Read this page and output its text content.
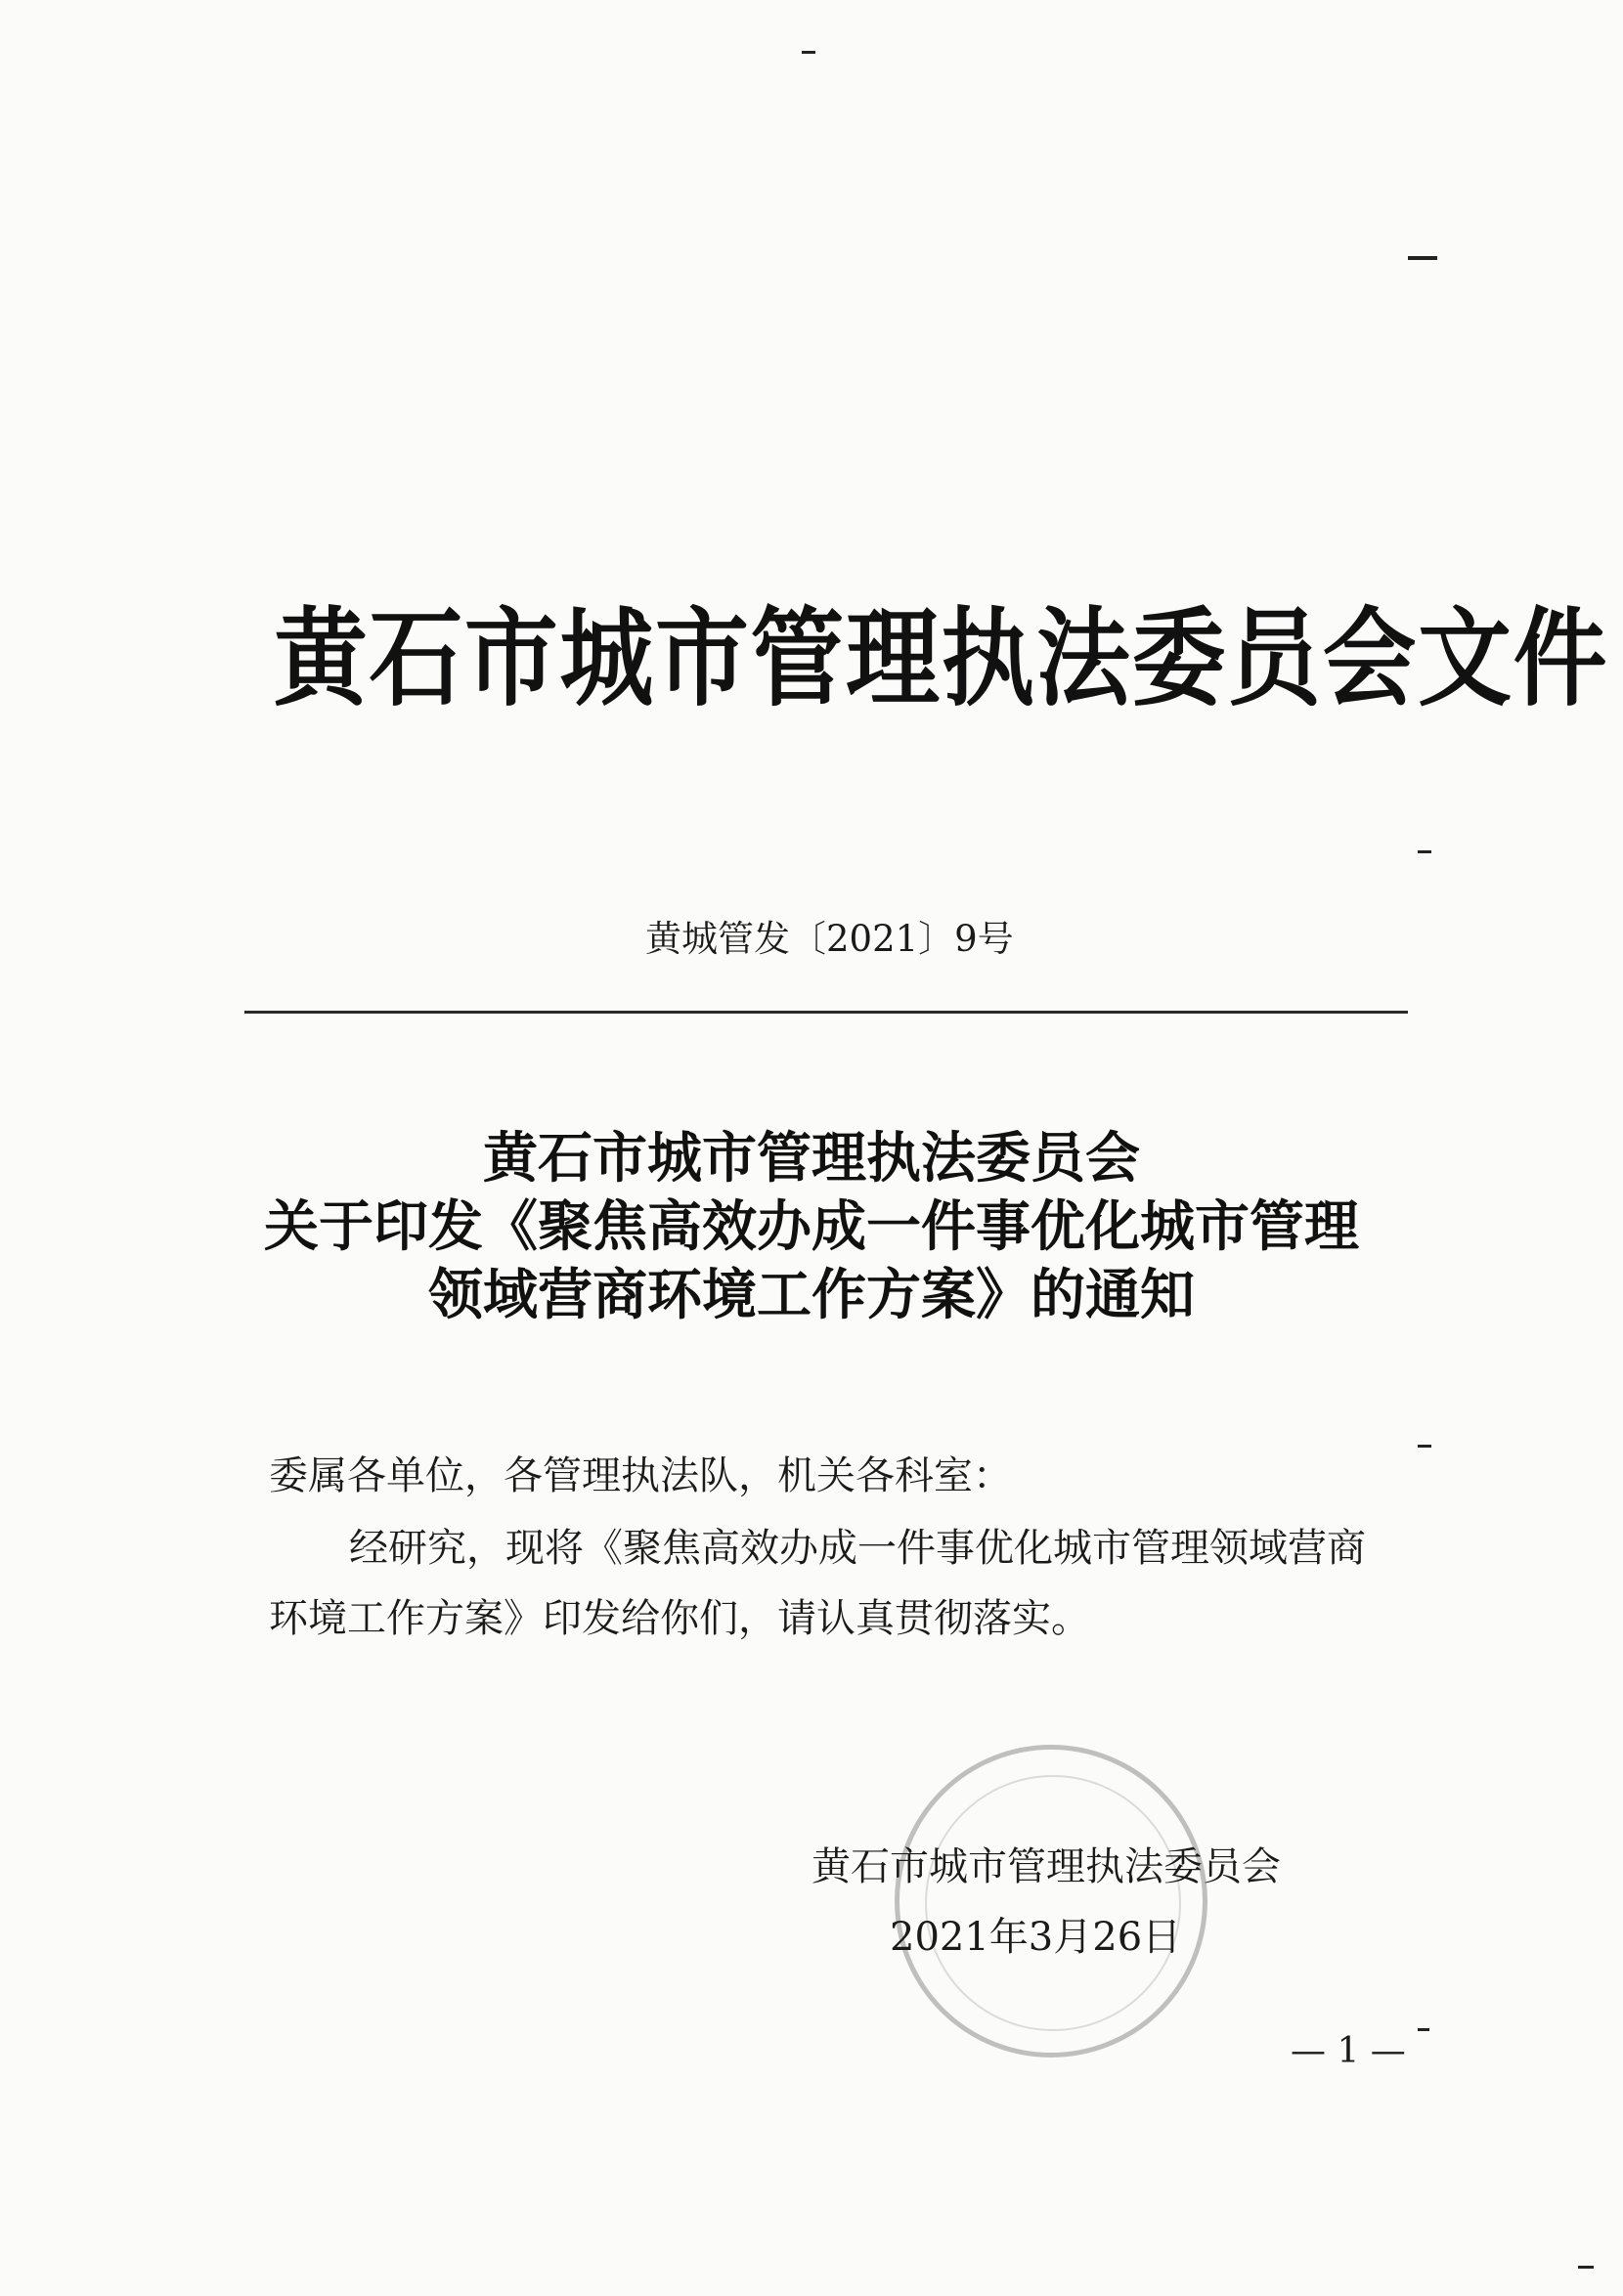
黄石市城市管理执法委员会文件
黄城管发〔2021〕9号
黄石市城市管理执法委员会
关于印发《聚焦高效办成一件事优化城市管理
领域营商环境工作方案》的通知
委属各单位，各管理执法队，机关各科室：
经研究，现将《聚焦高效办成一件事优化城市管理领域营商
环境工作方案》印发给你们，请认真贯彻落实。
黄石市城市管理执法委员会
2021年3月26日
— 1 —
